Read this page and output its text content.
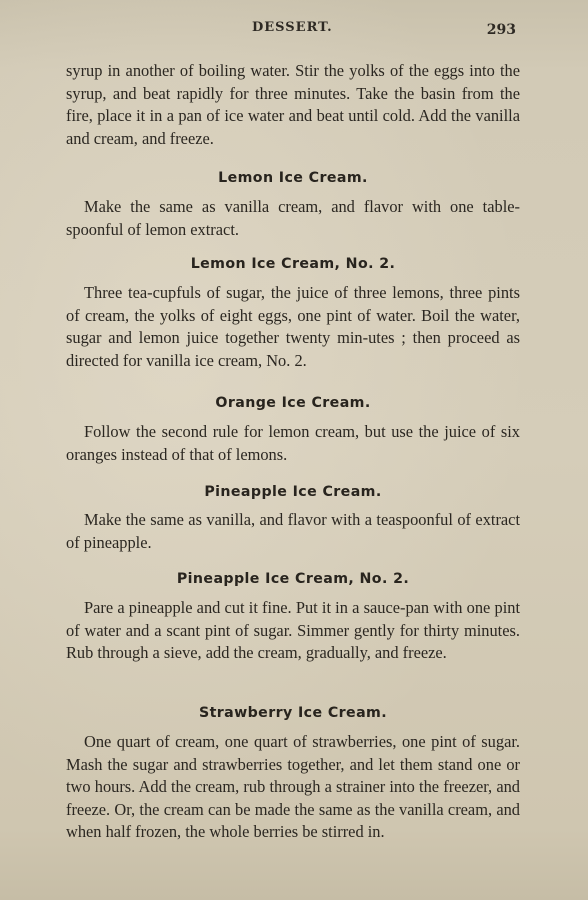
DESSERT.	293

syrup in another of boiling water. Stir the yolks of the eggs into the syrup, and beat rapidly for three minutes. Take the basin from the fire, place it in a pan of ice water and beat until cold. Add the vanilla and cream, and freeze.

Lemon Ice Cream.

Make the same as vanilla cream, and flavor with one table-spoonful of lemon extract.

Lemon Ice Cream, No. 2.

Three tea-cupfuls of sugar, the juice of three lemons, three pints of cream, the yolks of eight eggs, one pint of water. Boil the water, sugar and lemon juice together twenty min-utes ; then proceed as directed for vanilla ice cream, No. 2.

Orange Ice Cream.

Follow the second rule for lemon cream, but use the juice of six oranges instead of that of lemons.

Pineapple Ice Cream.

Make the same as vanilla, and flavor with a teaspoonful of extract of pineapple.

Pineapple Ice Cream, No. 2.

Pare a pineapple and cut it fine. Put it in a sauce-pan with one pint of water and a scant pint of sugar. Simmer gently for thirty minutes. Rub through a sieve, add the cream, gradually, and freeze.

Strawberry Ice Cream.

One quart of cream, one quart of strawberries, one pint of sugar. Mash the sugar and strawberries together, and let them stand one or two hours. Add the cream, rub through a strainer into the freezer, and freeze. Or, the cream can be made the same as the vanilla cream, and when half frozen, the whole berries be stirred in.
